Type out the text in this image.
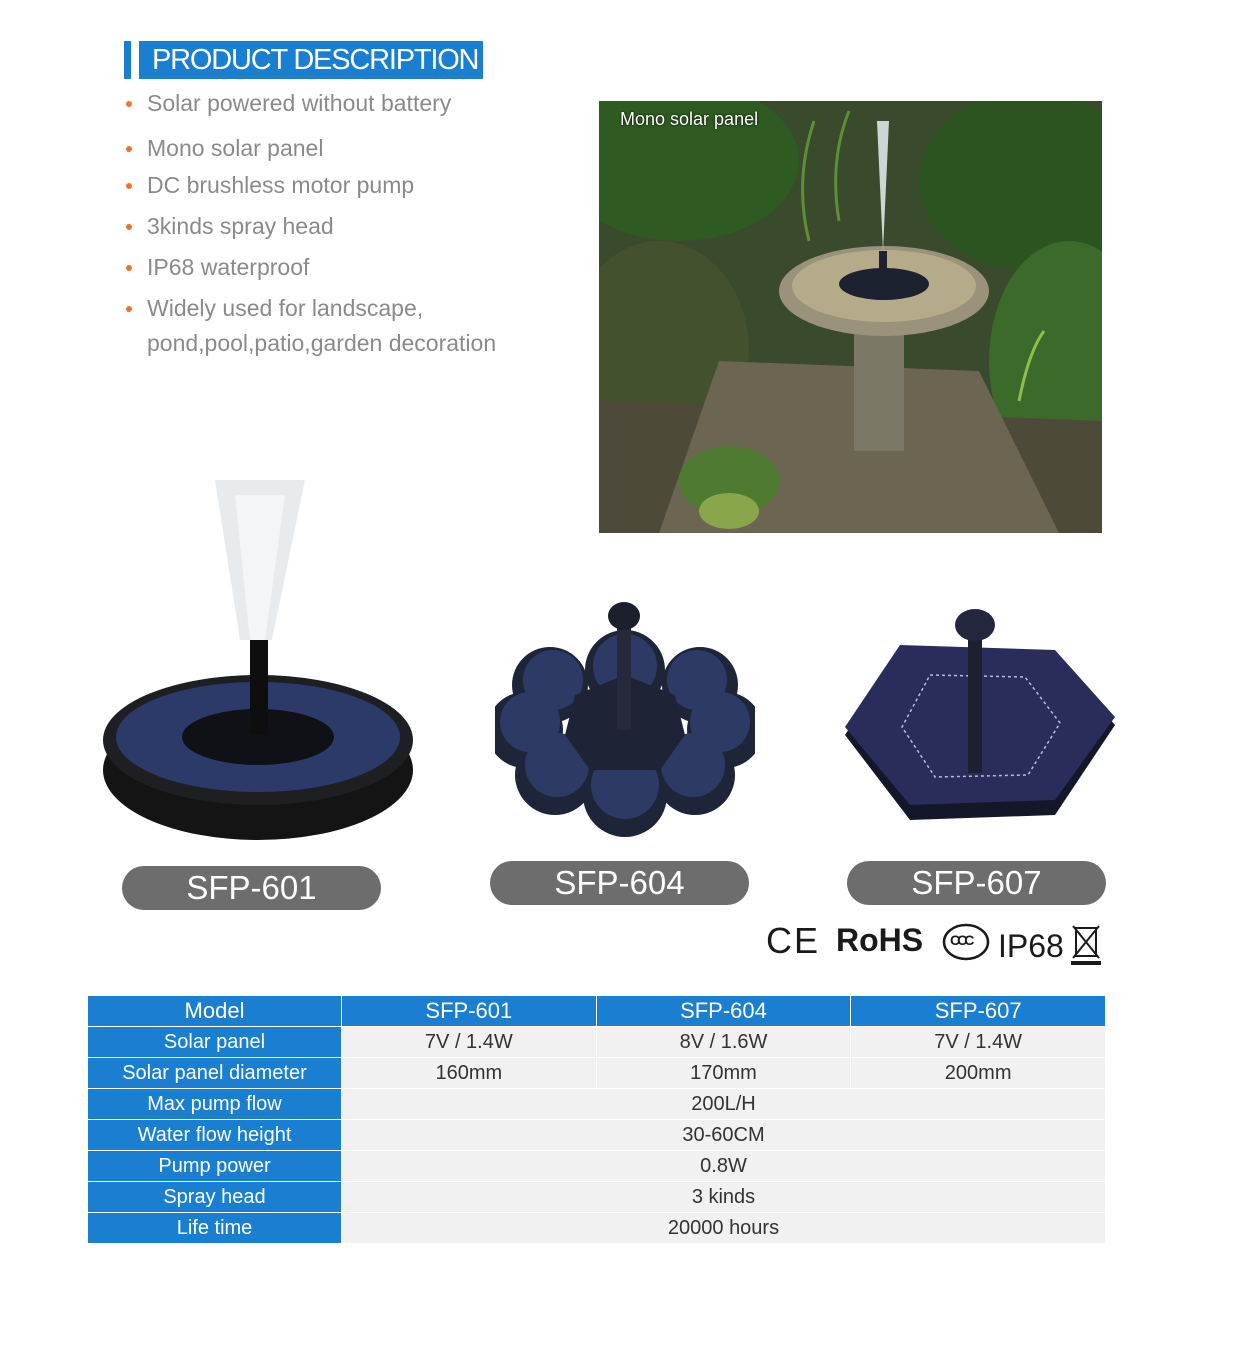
PRODUCT DESCRIPTION
Solar powered without battery
Mono solar panel
DC brushless motor pump
3kinds spray head
IP68 waterproof
Widely used for landscape,
pond,pool,patio,garden decoration
Mono solar panel
SFP-601	SFP-604	SFP-607
CE RoHS CCC IP68
Model	SFP-601	SFP-604	SFP-607
Solar panel	7V / 1.4W	8V / 1.6W	7V / 1.4W
Solar panel diameter	160mm	170mm	200mm
Max pump flow	200L/H		
Water flow height	30-60CM		
Pump power	0.8W		
Spray head	3 kinds		
Life time	20000 hours		
